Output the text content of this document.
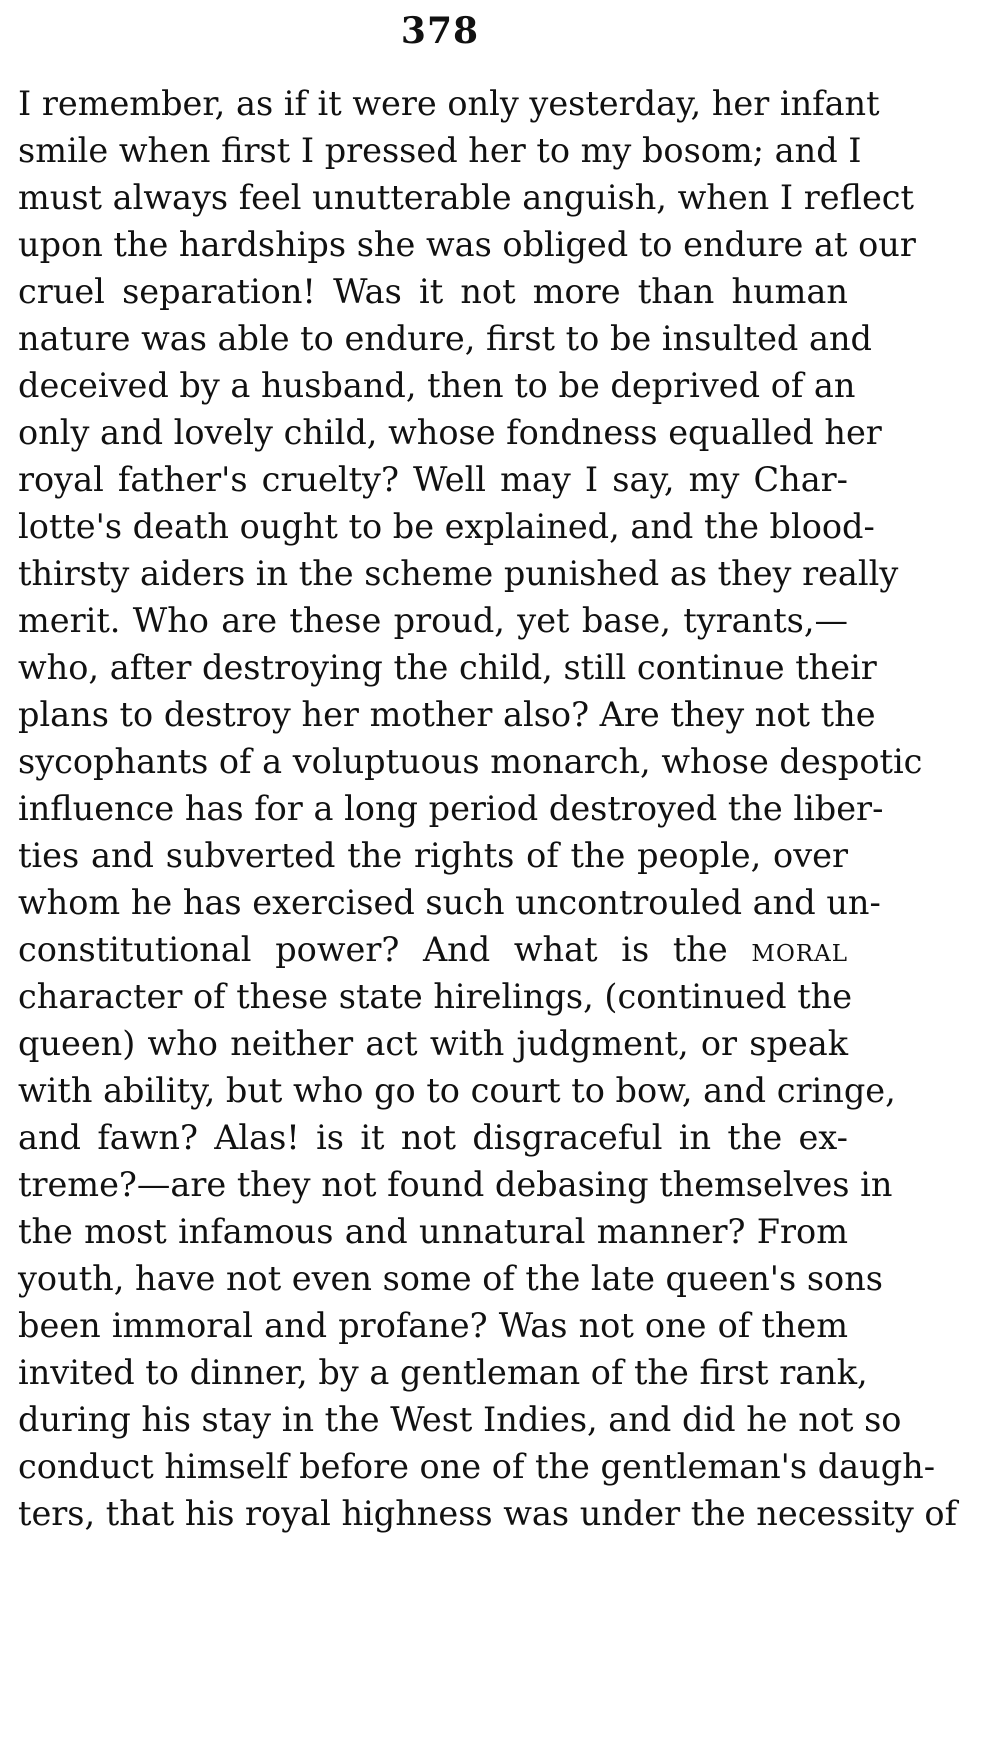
378
I remember, as if it were only yesterday, her infant
smile when first I pressed her to my bosom; and I
must always feel unutterable anguish, when I reflect
upon the hardships she was obliged to endure at our
cruel separation! Was it not more than human
nature was able to endure, first to be insulted and
deceived by a husband, then to be deprived of an
only and lovely child, whose fondness equalled her
royal father's cruelty? Well may I say, my Char-
lotte's death ought to be explained, and the blood-
thirsty aiders in the scheme punished as they really
merit. Who are these proud, yet base, tyrants,—
who, after destroying the child, still continue their
plans to destroy her mother also? Are they not the
sycophants of a voluptuous monarch, whose despotic
influence has for a long period destroyed the liber-
ties and subverted the rights of the people, over
whom he has exercised such uncontrouled and un-
constitutional power? And what is the moral
character of these state hirelings, (continued the
queen) who neither act with judgment, or speak
with ability, but who go to court to bow, and cringe,
and fawn? Alas! is it not disgraceful in the ex-
treme?—are they not found debasing themselves in
the most infamous and unnatural manner? From
youth, have not even some of the late queen's sons
been immoral and profane? Was not one of them
invited to dinner, by a gentleman of the first rank,
during his stay in the West Indies, and did he not so
conduct himself before one of the gentleman's daugh-
ters, that his royal highness was under the necessity of
